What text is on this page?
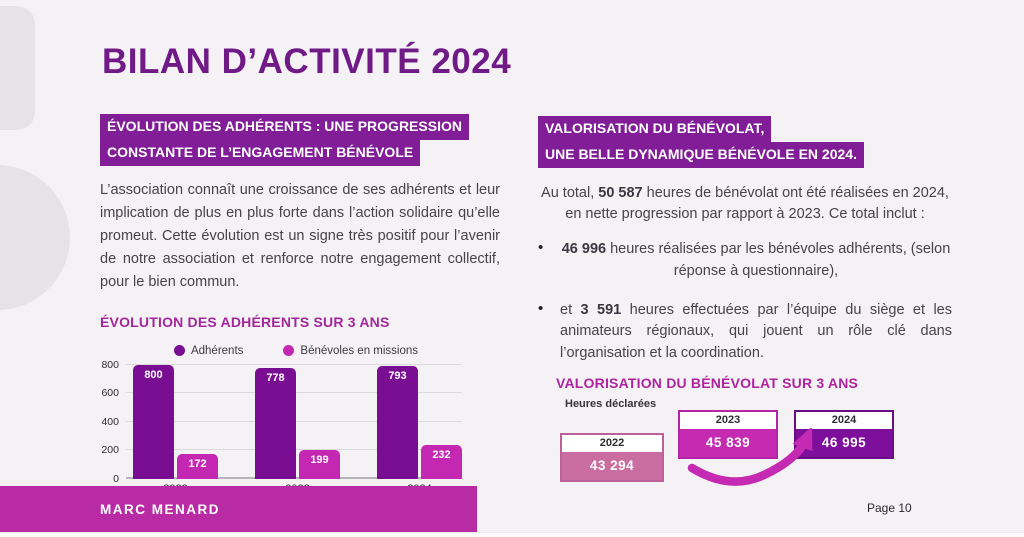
BILAN D’ACTIVITÉ 2024
ÉVOLUTION DES ADHÉRENTS : UNE PROGRESSION
CONSTANTE DE L’ENGAGEMENT BÉNÉVOLE

L’association connaît une croissance de ses adhérents et leur implication de plus en plus forte dans l’action solidaire qu’elle promeut. Cette évolution est un signe très positif pour l’avenir de notre association et renforce notre engagement collectif, pour le bien commun.

ÉVOLUTION DES ADHÉRENTS SUR 3 ANS
Adhérents	Bénévoles en missions
0
200
400
600
800
800
172
778
199
793
232
VALORISATION DU BÉNÉVOLAT,
UNE BELLE DYNAMIQUE BÉNÉVOLE EN 2024.

Au total, 50 587 heures de bénévolat ont été réalisées en 2024, en nette progression par rapport à 2023. Ce total inclut :

•	46 996 heures réalisées par les bénévoles adhérents, (selon réponse à questionnaire),

•	et 3 591 heures effectuées par l’équipe du siège et les animateurs régionaux, qui jouent un rôle clé dans l’organisation et la coordination.

VALORISATION DU BÉNÉVOLAT SUR 3 ANS
Heures déclarées
2022
43 294
2023
45 839
2024
46 995
MARC MENARD	Page 10
